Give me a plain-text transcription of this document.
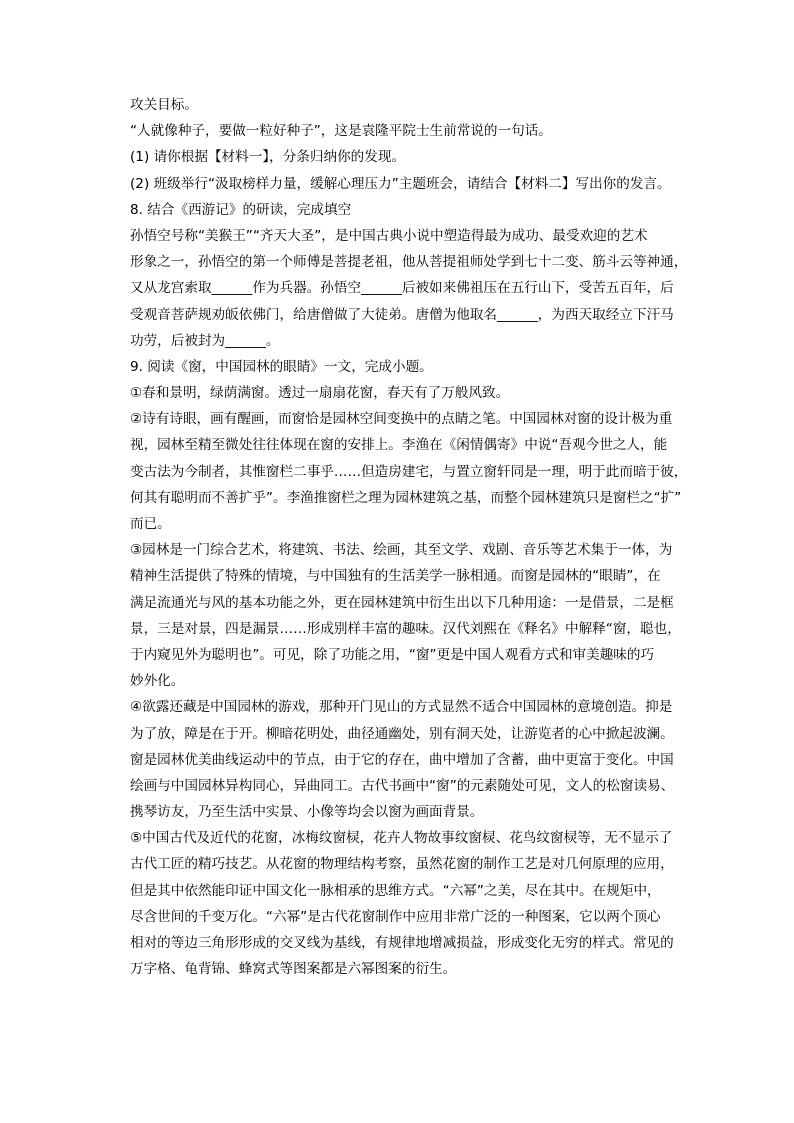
攻关目标。
“人就像种子，要做一粒好种子”，这是袁隆平院士生前常说的一句话。
(1) 请你根据【材料一】，分条归纳你的发现。
(2) 班级举行“汲取榜样力量，缓解心理压力”主题班会，请结合【材料二】写出你的发言。
8. 结合《西游记》的研读，完成填空
孙悟空号称“美猴王”“齐天大圣”，是中国古典小说中塑造得最为成功、最受欢迎的艺术
形象之一，孙悟空的第一个师傅是菩提老祖，他从菩提祖师处学到七十二变、筋斗云等神通，
又从龙宫索取______作为兵器。孙悟空______后被如来佛祖压在五行山下，受苦五百年，后
受观音菩萨规劝皈依佛门，给唐僧做了大徒弟。唐僧为他取名______，为西天取经立下汗马
功劳，后被封为______。
9. 阅读《窗，中国园林的眼睛》一文，完成小题。
①春和景明，绿荫满窗。透过一扇扇花窗，春天有了万般风致。
②诗有诗眼，画有醒画，而窗恰是园林空间变换中的点睛之笔。中国园林对窗的设计极为重
视，园林至精至微处往往体现在窗的安排上。李渔在《闲情偶寄》中说“吾观今世之人，能
变古法为今制者，其惟窗栏二事乎……但造房建宅，与置立窗轩同是一理，明于此而暗于彼，
何其有聪明而不善扩乎”。李渔推窗栏之理为园林建筑之基，而整个园林建筑只是窗栏之“扩”
而已。
③园林是一门综合艺术，将建筑、书法、绘画，其至文学、戏剧、音乐等艺术集于一体，为
精神生活提供了特殊的情境，与中国独有的生活美学一脉相通。而窗是园林的“眼睛”，在
满足流通光与风的基本功能之外，更在园林建筑中衍生出以下几种用途：一是借景，二是框
景，三是对景，四是漏景……形成别样丰富的趣味。汉代刘熙在《释名》中解释“窗，聪也，
于内窥见外为聪明也”。可见，除了功能之用，“窗”更是中国人观看方式和审美趣味的巧
妙外化。
④欲露还藏是中国园林的游戏，那种开门见山的方式显然不适合中国园林的意境创造。抑是
为了放，障是在于开。柳暗花明处，曲径通幽处，别有洞天处，让游览者的心中掀起波澜。
窗是园林优美曲线运动中的节点，由于它的存在，曲中增加了含蓄，曲中更富于变化。中国
绘画与中国园林异构同心，异曲同工。古代书画中“窗”的元素随处可见，文人的松窗读易、
携琴访友，乃至生活中实景、小像等均会以窗为画面背景。
⑤中国古代及近代的花窗，冰梅纹窗棂，花卉人物故事纹窗棂、花鸟纹窗棂等，无不显示了
古代工匠的精巧技艺。从花窗的物理结构考察，虽然花窗的制作工艺是对几何原理的应用，
但是其中依然能印证中国文化一脉相承的思维方式。“六幂”之美，尽在其中。在规矩中，
尽含世间的千变万化。“六幂”是古代花窗制作中应用非常广泛的一种图案，它以两个顶心
相对的等边三角形形成的交叉线为基线，有规律地增减损益，形成变化无穷的样式。常见的
万字格、龟背锦、蜂窝式等图案都是六幂图案的衍生。
